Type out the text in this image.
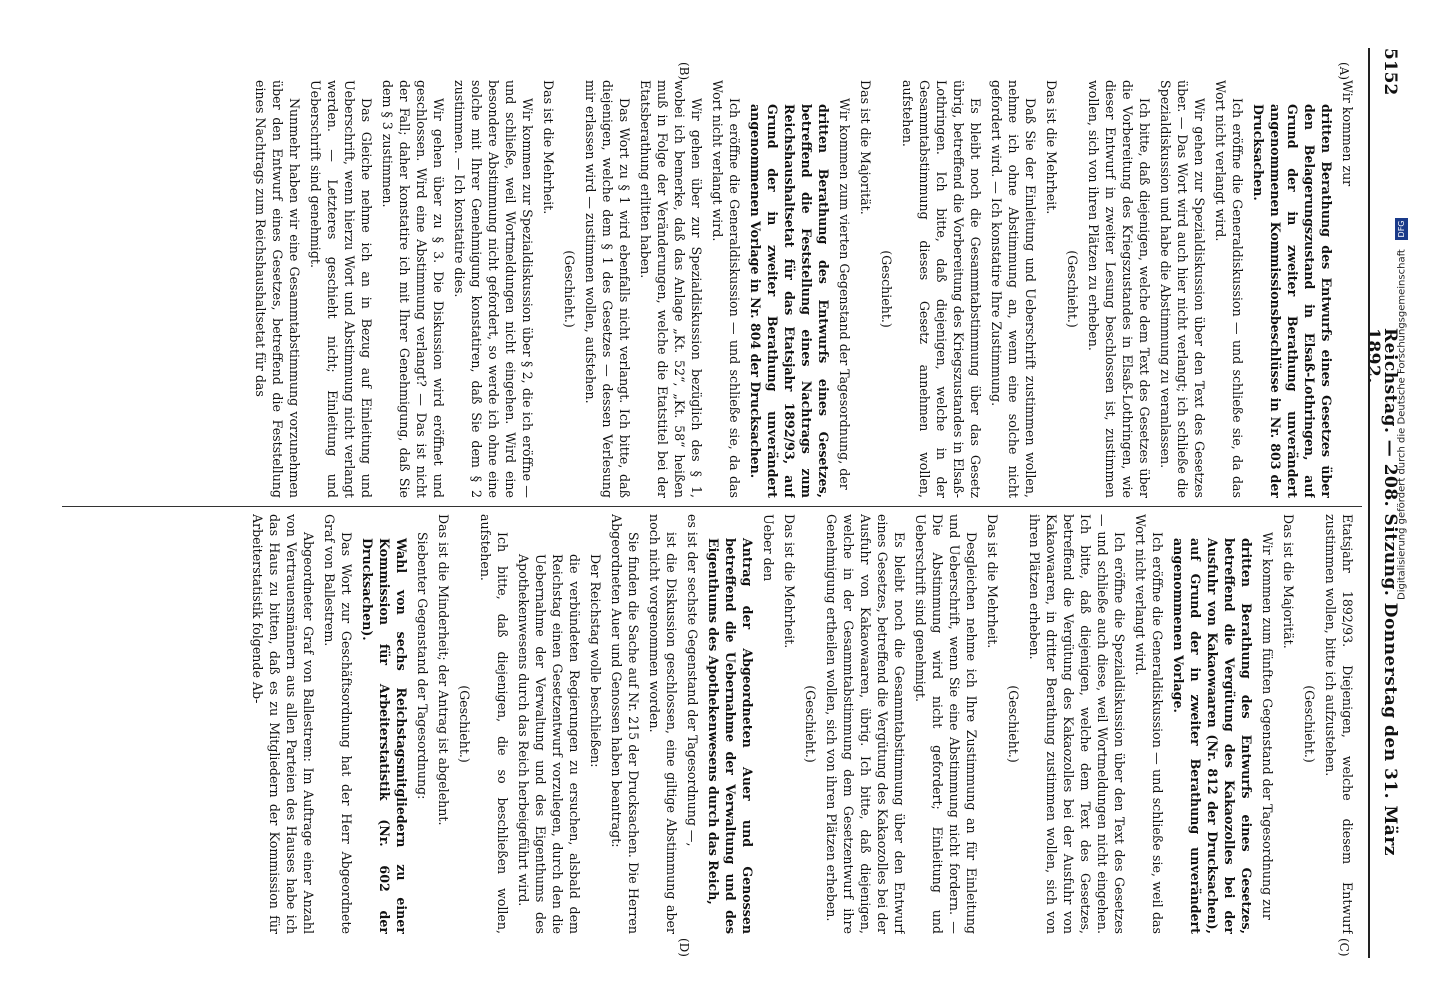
5152
Reichstag. — 208. Sitzung. Donnerstag den 31. März 1892.
(A)
(B)
(C)
(D)

Wir kommen zur

dritten Berathung des Entwurfs eines Gesetzes über den Belagerungszustand in Elsaß-Lothringen, auf Grund der in zweiter Berathung unverändert angenommenen Kommissionsbeschlüsse in Nr. 803 der Drucksachen.

Ich eröffne die Generaldiskussion — und schließe sie, da das Wort nicht verlangt wird.

Wir gehen zur Spezialdiskussion über den Text des Gesetzes über. — Das Wort wird auch hier nicht verlangt; ich schließe die Spezialdiskussion und habe die Abstimmung zu veranlassen.

Ich bitte, daß diejenigen, welche dem Text des Gesetzes über die Vorbereitung des Kriegszustandes in Elsaß-Lothringen, wie dieser Entwurf in zweiter Lesung beschlossen ist, zustimmen wollen, sich von ihren Plätzen zu erheben.

(Geschieht.)

Das ist die Mehrheit.

Daß Sie der Einleitung und Ueberschrift zustimmen wollen, nehme ich ohne Abstimmung an, wenn eine solche nicht gefordert wird. — Ich konstatire Ihre Zustimmung.

Es bleibt noch die Gesammtabstimmung über das Gesetz übrig, betreffend die Vorbereitung des Kriegszustandes in Elsaß-Lothringen. Ich bitte, daß diejenigen, welche in der Gesammtabstimmung dieses Gesetz annehmen wollen, aufstehen.

(Geschieht.)

Das ist die Majorität.

Wir kommen zum vierten Gegenstand der Tagesordnung, der

dritten Berathung des Entwurfs eines Gesetzes, betreffend die Feststellung eines Nachtrags zum Reichshaushaltsetat für das Etatsjahr 1892/93, auf Grund der in zweiter Berathung unverändert angenommenen Vorlage in Nr. 804 der Drucksachen.

Ich eröffne die Generaldiskussion — und schließe sie, da das Wort nicht verlangt wird.

Wir gehen über zur Spezialdiskussion bezüglich des § 1, wobei ich bemerke, daß das Anlage „Kt. 52“, „Kt. 58“ heißen muß in Folge der Veränderungen, welche die Etatstitel bei der Etatsberathung erlitten haben.

Das Wort zu § 1 wird ebenfalls nicht verlangt. Ich bitte, daß diejenigen, welche dem § 1 des Gesetzes — dessen Verlesung mir erlassen wird — zustimmen wollen, aufstehen.

(Geschieht.)

Das ist die Mehrheit.

Wir kommen zur Spezialdiskussion über § 2, die ich eröffne — und schließe, weil Wortmeldungen nicht eingehen. Wird eine besondere Abstimmung nicht gefordert, so werde ich ohne eine solche mit Ihrer Genehmigung konstatiren, daß Sie dem § 2 zustimmen. — Ich konstatire dies.

Wir gehen über zu § 3. Die Diskussion wird eröffnet und geschlossen. Wird eine Abstimmung verlangt? — Das ist nicht der Fall; daher konstatire ich mit Ihrer Genehmigung, daß Sie dem § 3 zustimmen.

Das Gleiche nehme ich an in Bezug auf Einleitung und Ueberschrift, wenn hierzu Wort und Abstimmung nicht verlangt werden. — Letzteres geschieht nicht; Einleitung und Ueberschrift sind genehmigt.

Nunmehr haben wir eine Gesammtabstimmung vorzunehmen über den Entwurf eines Gesetzes, betreffend die Feststellung eines Nachtrags zum Reichshaushaltsetat für das

Etatsjahr 1892/93. Diejenigen, welche diesem Entwurf zustimmen wollen, bitte ich aufzustehen.

(Geschieht.)

Das ist die Majorität.

Wir kommen zum fünften Gegenstand der Tagesordnung zur

dritten Berathung des Entwurfs eines Gesetzes, betreffend die Vergütung des Kakaozolles bei der Ausfuhr von Kakaowaaren (Nr. 812 der Drucksachen), auf Grund der in zweiter Berathung unverändert angenommenen Vorlage.

Ich eröffne die Generaldiskussion — und schließe sie, weil das Wort nicht verlangt wird.

Ich eröffne die Spezialdiskussion über den Text des Gesetzes — und schließe auch diese, weil Wortmeldungen nicht eingehen. Ich bitte, daß diejenigen, welche dem Text des Gesetzes, betreffend die Vergütung des Kakaozolles bei der Ausfuhr von Kakaowaaren, in dritter Berathung zustimmen wollen, sich von ihren Plätzen erheben.

(Geschieht.)

Das ist die Mehrheit.

Desgleichen nehme ich Ihre Zustimmung an für Einleitung und Ueberschrift, wenn Sie eine Abstimmung nicht fordern. — Die Abstimmung wird nicht gefordert; Einleitung und Ueberschrift sind genehmigt.

Es bleibt noch die Gesammtabstimmung über den Entwurf eines Gesetzes, betreffend die Vergütung des Kakaozolles bei der Ausfuhr von Kakaowaaren, übrig. Ich bitte, daß diejenigen, welche in der Gesammtabstimmung dem Gesetzentwurf ihre Genehmigung ertheilen wollen, sich von ihren Plätzen erheben.

(Geschieht.)

Das ist die Mehrheit.

Ueber den

Antrag der Abgeordneten Auer und Genossen betreffend die Uebernahme der Verwaltung und des Eigenthums des Apothekenwesens durch das Reich,

es ist der sechste Gegenstand der Tagesordnung —,

ist die Diskussion geschlossen, eine giltige Abstimmung aber noch nicht vorgenommen worden.

Sie finden die Sache auf Nr. 215 der Drucksachen. Die Herren Abgeordneten Auer und Genossen haben beantragt:

Der Reichstag wolle beschließen:

die verbündeten Regierungen zu ersuchen, alsbald dem Reichstag einen Gesetzentwurf vorzulegen, durch den die Uebernahme der Verwaltung und des Eigenthums des Apothekenwesens durch das Reich herbeigeführt wird.

Ich bitte, daß diejenigen, die so beschließen wollen, aufstehen.

(Geschieht.)

Das ist die Minderheit; der Antrag ist abgelehnt.

Siebenter Gegenstand der Tagesordnung:

Wahl von sechs Reichstagsmitgliedern zu einer Kommission für Arbeiterstatistik (Nr. 602 der Drucksachen).

Das Wort zur Geschäftsordnung hat der Herr Abgeordnete Graf von Ballestrem.

Abgeordneter Graf von Ballestrem: Im Auftrage einer Anzahl von Vertrauensmännern aus allen Parteien des Hauses habe ich das Haus zu bitten, daß es zu Mitgliedern der Kommission für Arbeiterstatistik folgende Ab-

Digitalisierung gefördert durch die Deutsche Forschungsgemeinschaft DFG
